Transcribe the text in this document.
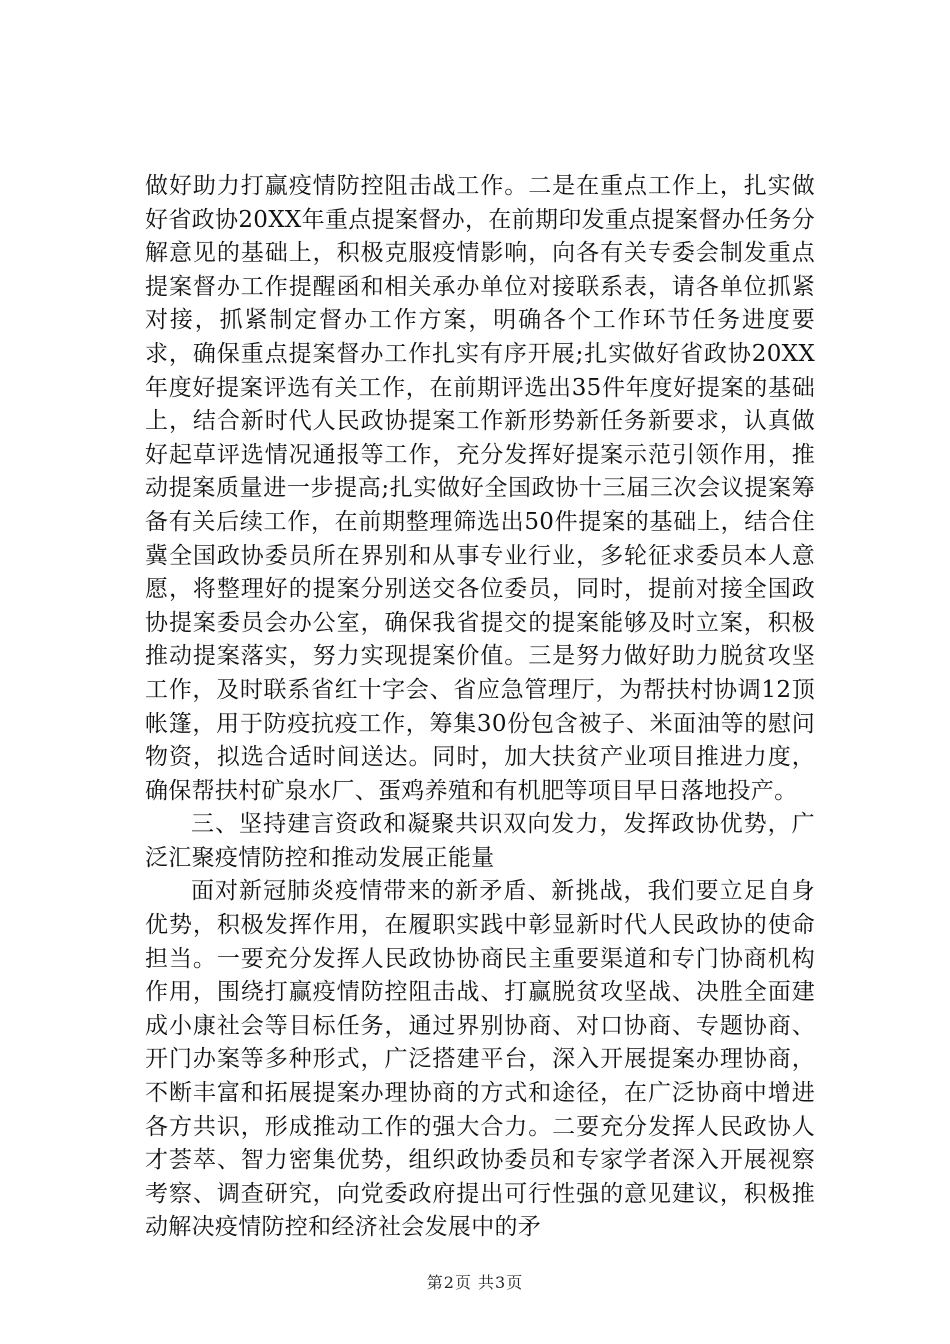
做好助力打赢疫情防控阻击战工作。二是在重点工作上，扎实做好省政协20XX年重点提案督办，在前期印发重点提案督办任务分解意见的基础上，积极克服疫情影响，向各有关专委会制发重点提案督办工作提醒函和相关承办单位对接联系表，请各单位抓紧对接，抓紧制定督办工作方案，明确各个工作环节任务进度要求，确保重点提案督办工作扎实有序开展;扎实做好省政协20XX年度好提案评选有关工作，在前期评选出35件年度好提案的基础上，结合新时代人民政协提案工作新形势新任务新要求，认真做好起草评选情况通报等工作，充分发挥好提案示范引领作用，推动提案质量进一步提高;扎实做好全国政协十三届三次会议提案筹备有关后续工作，在前期整理筛选出50件提案的基础上，结合住冀全国政协委员所在界别和从事专业行业，多轮征求委员本人意愿，将整理好的提案分别送交各位委员，同时，提前对接全国政协提案委员会办公室，确保我省提交的提案能够及时立案，积极推动提案落实，努力实现提案价值。三是努力做好助力脱贫攻坚工作，及时联系省红十字会、省应急管理厅，为帮扶村协调12顶帐篷，用于防疫抗疫工作，筹集30份包含被子、米面油等的慰问物资，拟选合适时间送达。同时，加大扶贫产业项目推进力度，确保帮扶村矿泉水厂、蛋鸡养殖和有机肥等项目早日落地投产。

三、坚持建言资政和凝聚共识双向发力，发挥政协优势，广泛汇聚疫情防控和推动发展正能量

面对新冠肺炎疫情带来的新矛盾、新挑战，我们要立足自身优势，积极发挥作用，在履职实践中彰显新时代人民政协的使命担当。一要充分发挥人民政协协商民主重要渠道和专门协商机构作用，围绕打赢疫情防控阻击战、打赢脱贫攻坚战、决胜全面建成小康社会等目标任务，通过界别协商、对口协商、专题协商、开门办案等多种形式，广泛搭建平台，深入开展提案办理协商，不断丰富和拓展提案办理协商的方式和途径，在广泛协商中增进各方共识，形成推动工作的强大合力。二要充分发挥人民政协人才荟萃、智力密集优势，组织政协委员和专家学者深入开展视察考察、调查研究，向党委政府提出可行性强的意见建议，积极推动解决疫情防控和经济社会发展中的矛

第2页 共3页
